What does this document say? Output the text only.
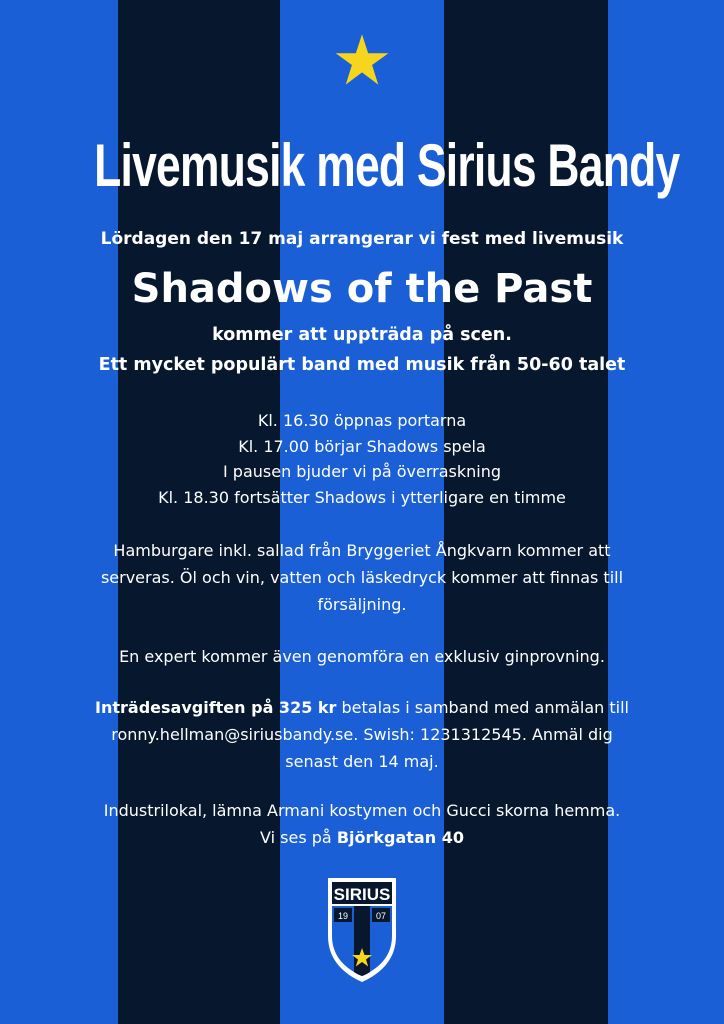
Livemusik med Sirius Bandy
Lördagen den 17 maj arrangerar vi fest med livemusik
Shadows of the Past
kommer att uppträda på scen.
Ett mycket populärt band med musik från 50-60 talet
Kl. 16.30 öppnas portarna
Kl. 17.00 börjar Shadows spela
I pausen bjuder vi på överraskning
Kl. 18.30 fortsätter Shadows i ytterligare en timme
Hamburgare inkl. sallad från Bryggeriet Ångkvarn kommer att
serveras. Öl och vin, vatten och läskedryck kommer att finnas till
försäljning.
En expert kommer även genomföra en exklusiv ginprovning.
Inträdesavgiften på 325 kr betalas i samband med anmälan till
ronny.hellman@siriusbandy.se. Swish: 1231312545. Anmäl dig
senast den 14 maj.
Industrilokal, lämna Armani kostymen och Gucci skorna hemma.
Vi ses på Björkgatan 40
SIRIUS
19	07
